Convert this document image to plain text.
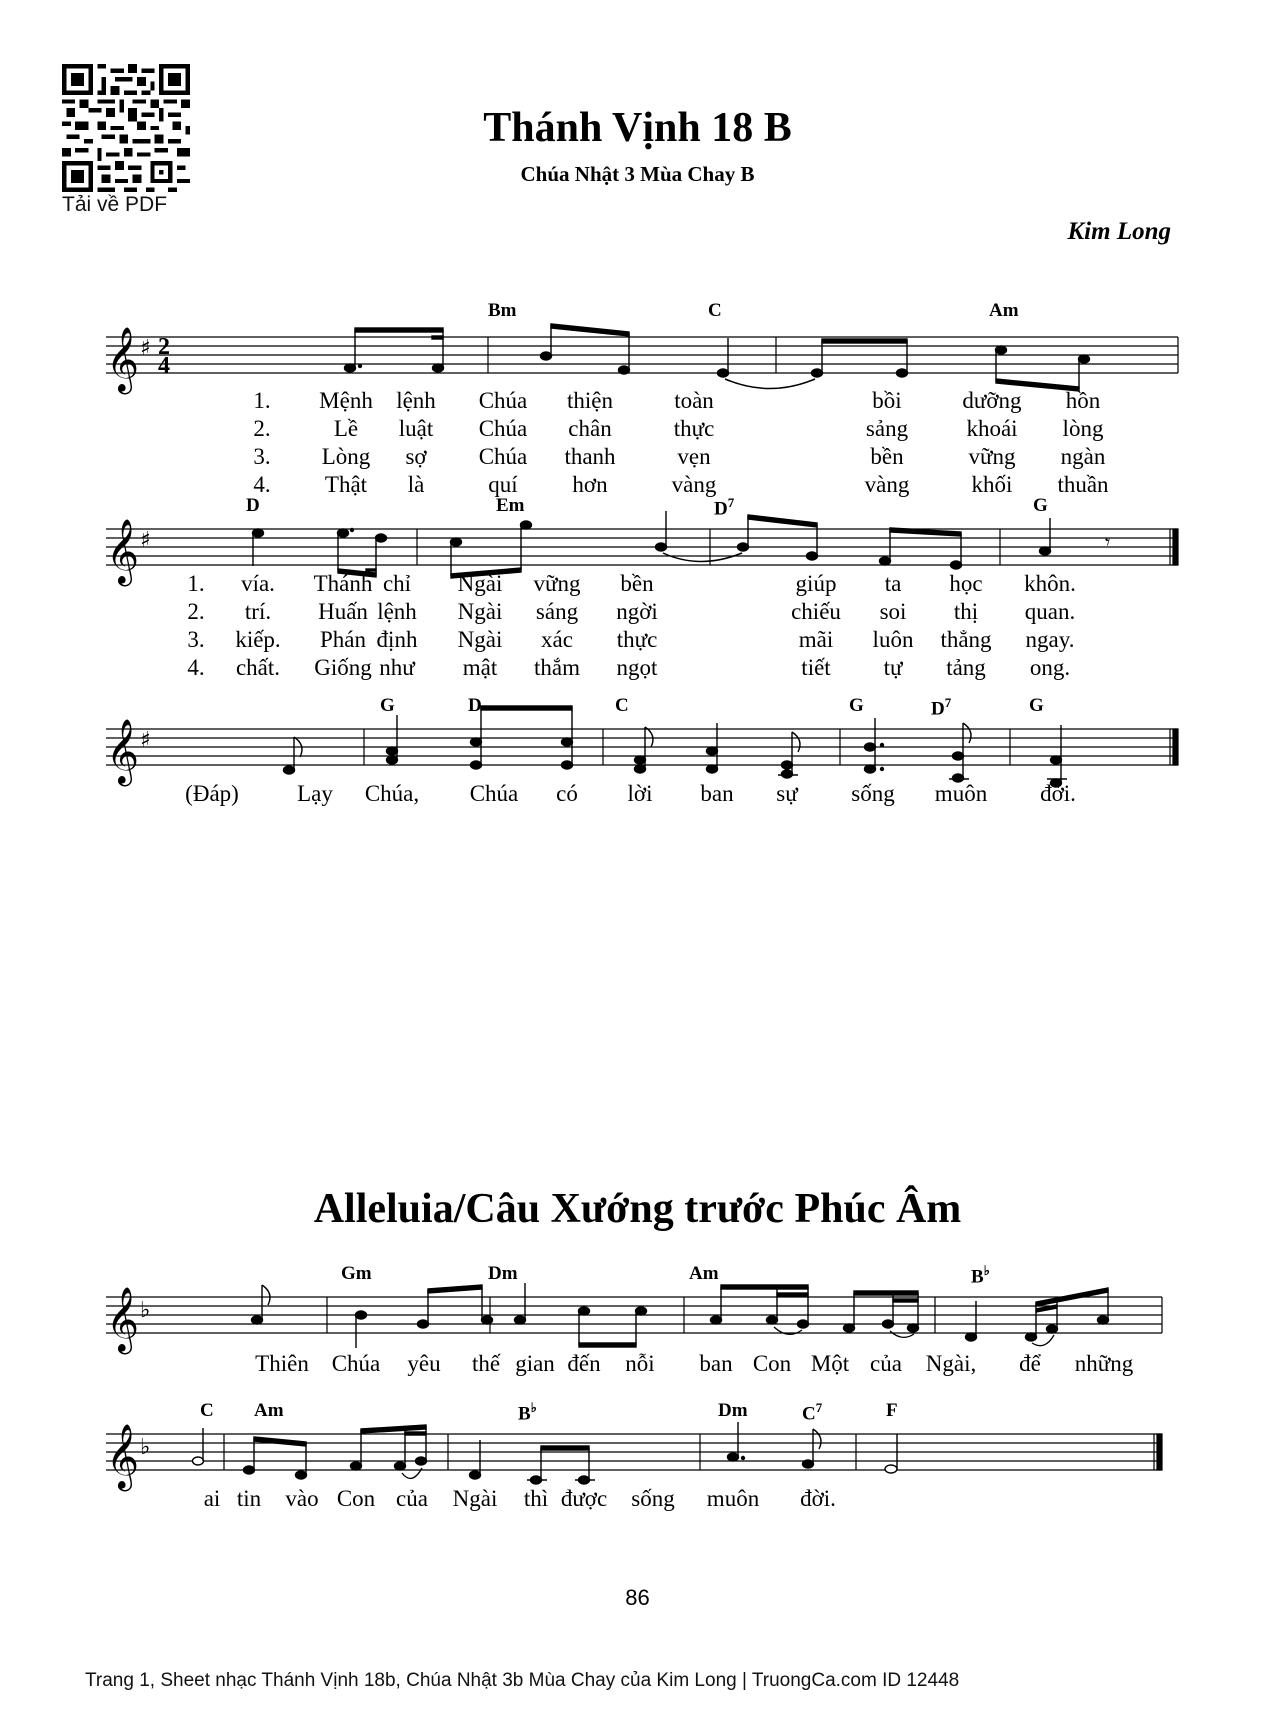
Tải về PDF
Thánh Vịnh 18 B
Chúa Nhật 3 Mùa Chay B
Kim Long
𝄞 ♯ 2
4
Bm	C	Am
1. Mệnh lệnh Chúa thiện	toàn	bồi	dưỡng hồn
2.	Lề luật Chúa chân	thực	sảng	khoái lòng
3. Lòng sợ Chúa thanh	vẹn	bền	vững ngàn
4. Thật là	quí hơn	vàng	vàng	khối thuần
𝄞 ♯	𝄾
D	Em	$D^7$	G
1. vía. Thánh chỉ Ngài vững bền	giúp ta học khôn.
2. trí. Huấn lệnh Ngài sáng ngời	chiếu soi thị quan.
3. kiếp. Phán định Ngài xác thực	mãi luôn thẳng ngay.
4. chất. Giống như mật thắm ngọt	tiết tự tảng ong.
𝄞 ♯
G	D	C	G	$D^7$	G
(Đáp)	Lạy Chúa, Chúa có lời ban sự sống muôn đời.
Alleluia/Câu Xướng trước Phúc Âm
𝄞 ♭
Gm	Dm	Am	B♭
Thiên Chúa yêu thế gian đến nỗi ban Con Một của Ngài, để những
𝄞 ♭
C Am	B♭	Dm	$C^7$	F
ai tin vào Con của Ngài thì được sống muôn đời.
86
Trang 1, Sheet nhạc Thánh Vịnh 18b, Chúa Nhật 3b Mùa Chay của Kim Long | TruongCa.com ID 12448
